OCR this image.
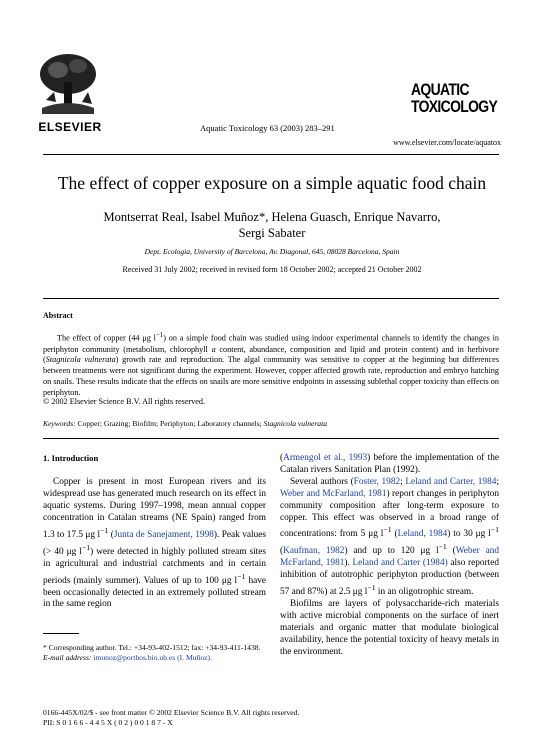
ELSEVIER	Aquatic Toxicology 63 (2003) 283–291
AQUATIC
TOXICOLOGY
www.elsevier.com/locate/aquatox
The effect of copper exposure on a simple aquatic food chain
Montserrat Real, Isabel Muñoz*, Helena Guasch, Enrique Navarro,
Sergi Sabater
Dept. Ecologia, University of Barcelona, Av. Diagonal, 645, 08028 Barcelona, Spain
Received 31 July 2002; received in revised form 18 October 2002; accepted 21 October 2002
Abstract
The effect of copper (44 μg $l^{-1}$) on a simple food chain was studied using indoor experimental channels to identify the changes in periphyton community (metabolism, chlorophyll a content, abundance, composition and lipid and protein content) and in herbivore (Stagnicola vulnerata) growth rate and reproduction. The algal community was sensitive to copper at the beginning but differences between treatments were not significant during the experiment. However, copper affected growth rate, reproduction and embryo hatching on snails. These results indicate that the effects on snails are more sensitive endpoints in assessing sublethal copper toxicity than effects on periphyton.
© 2002 Elsevier Science B.V. All rights reserved.
Keywords: Copper; Grazing; Biofilm; Periphyton; Laboratory channels; Stagnicola vulnerata
1. Introduction
Copper is present in most European rivers and its widespread use has generated much research on its effect in aquatic systems. During 1997–1998, mean annual copper concentration in Catalan streams (NE Spain) ranged from 1.3 to 17.5 μg $l^{-1}$ (Junta de Sanejament, 1998). Peak values (> 40 μg $l^{-1}$) were detected in highly polluted stream sites in agricultural and industrial catchments and in certain periods (mainly summer). Values of up to 100 μg $l^{-1}$ have been occasionally detected in an extremely polluted stream in the same region
(Armengol et al., 1993) before the implementation of the Catalan rivers Sanitation Plan (1992).
Several authors (Foster, 1982; Leland and Carter, 1984; Weber and McFarland, 1981) report changes in periphyton community composition after long-term exposure to copper. This effect was observed in a broad range of concentrations: from 5 μg $l^{-1}$ (Leland, 1984) to 30 μg $l^{-1}$ (Kaufman, 1982) and up to 120 μg $l^{-1}$ (Weber and McFarland, 1981). Leland and Carter (1984) also reported inhibition of autotrophic periphyton production (between 57 and 87%) at 2.5 μg $l^{-1}$ in an oligotrophic stream.
Biofilms are layers of polysaccharide-rich materials with active microbial components on the surface of inert materials and organic matter that modulate biological availability, hence the potential toxicity of heavy metals in the environment.
* Corresponding author. Tel.: +34-93-402-1512; fax: +34-93-411-1438.
E-mail address: imunoz@porthos.bio.ub.es (I. Muñoz).
0166-445X/02/$ - see front matter © 2002 Elsevier Science B.V. All rights reserved.
PII: S 0 1 6 6 - 4 4 5 X ( 0 2 ) 0 0 1 8 7 - X
